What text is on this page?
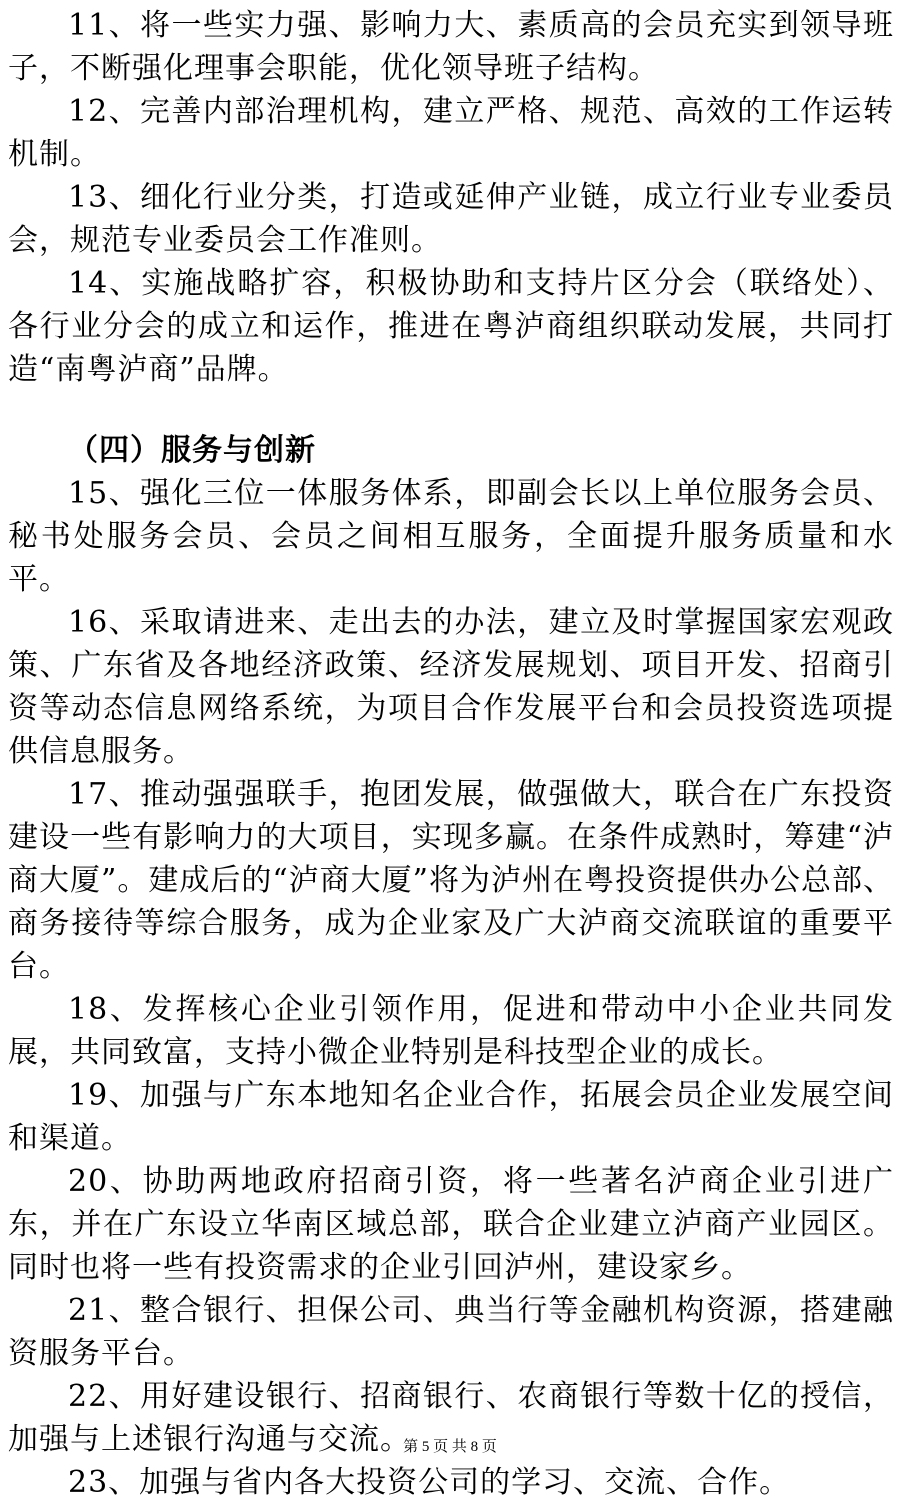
11、将一些实力强、影响力大、素质高的会员充实到领导班子，不断强化理事会职能，优化领导班子结构。

12、完善内部治理机构，建立严格、规范、高效的工作运转机制。

13、细化行业分类，打造或延伸产业链，成立行业专业委员会，规范专业委员会工作准则。

14、实施战略扩容，积极协助和支持片区分会（联络处）、各行业分会的成立和运作，推进在粤泸商组织联动发展，共同打造“南粤泸商”品牌。

（四）服务与创新

15、强化三位一体服务体系，即副会长以上单位服务会员、秘书处服务会员、会员之间相互服务，全面提升服务质量和水平。

16、采取请进来、走出去的办法，建立及时掌握国家宏观政策、广东省及各地经济政策、经济发展规划、项目开发、招商引资等动态信息网络系统，为项目合作发展平台和会员投资选项提供信息服务。

17、推动强强联手，抱团发展，做强做大，联合在广东投资建设一些有影响力的大项目，实现多赢。在条件成熟时，筹建“泸商大厦”。建成后的“泸商大厦”将为泸州在粤投资提供办公总部、商务接待等综合服务，成为企业家及广大泸商交流联谊的重要平台。

18、发挥核心企业引领作用，促进和带动中小企业共同发展，共同致富，支持小微企业特别是科技型企业的成长。

19、加强与广东本地知名企业合作，拓展会员企业发展空间和渠道。

20、协助两地政府招商引资，将一些著名泸商企业引进广东，并在广东设立华南区域总部，联合企业建立泸商产业园区。同时也将一些有投资需求的企业引回泸州，建设家乡。

21、整合银行、担保公司、典当行等金融机构资源，搭建融资服务平台。

22、用好建设银行、招商银行、农商银行等数十亿的授信，加强与上述银行沟通与交流。

23、加强与省内各大投资公司的学习、交流、合作。

第 5 页 共 8 页
